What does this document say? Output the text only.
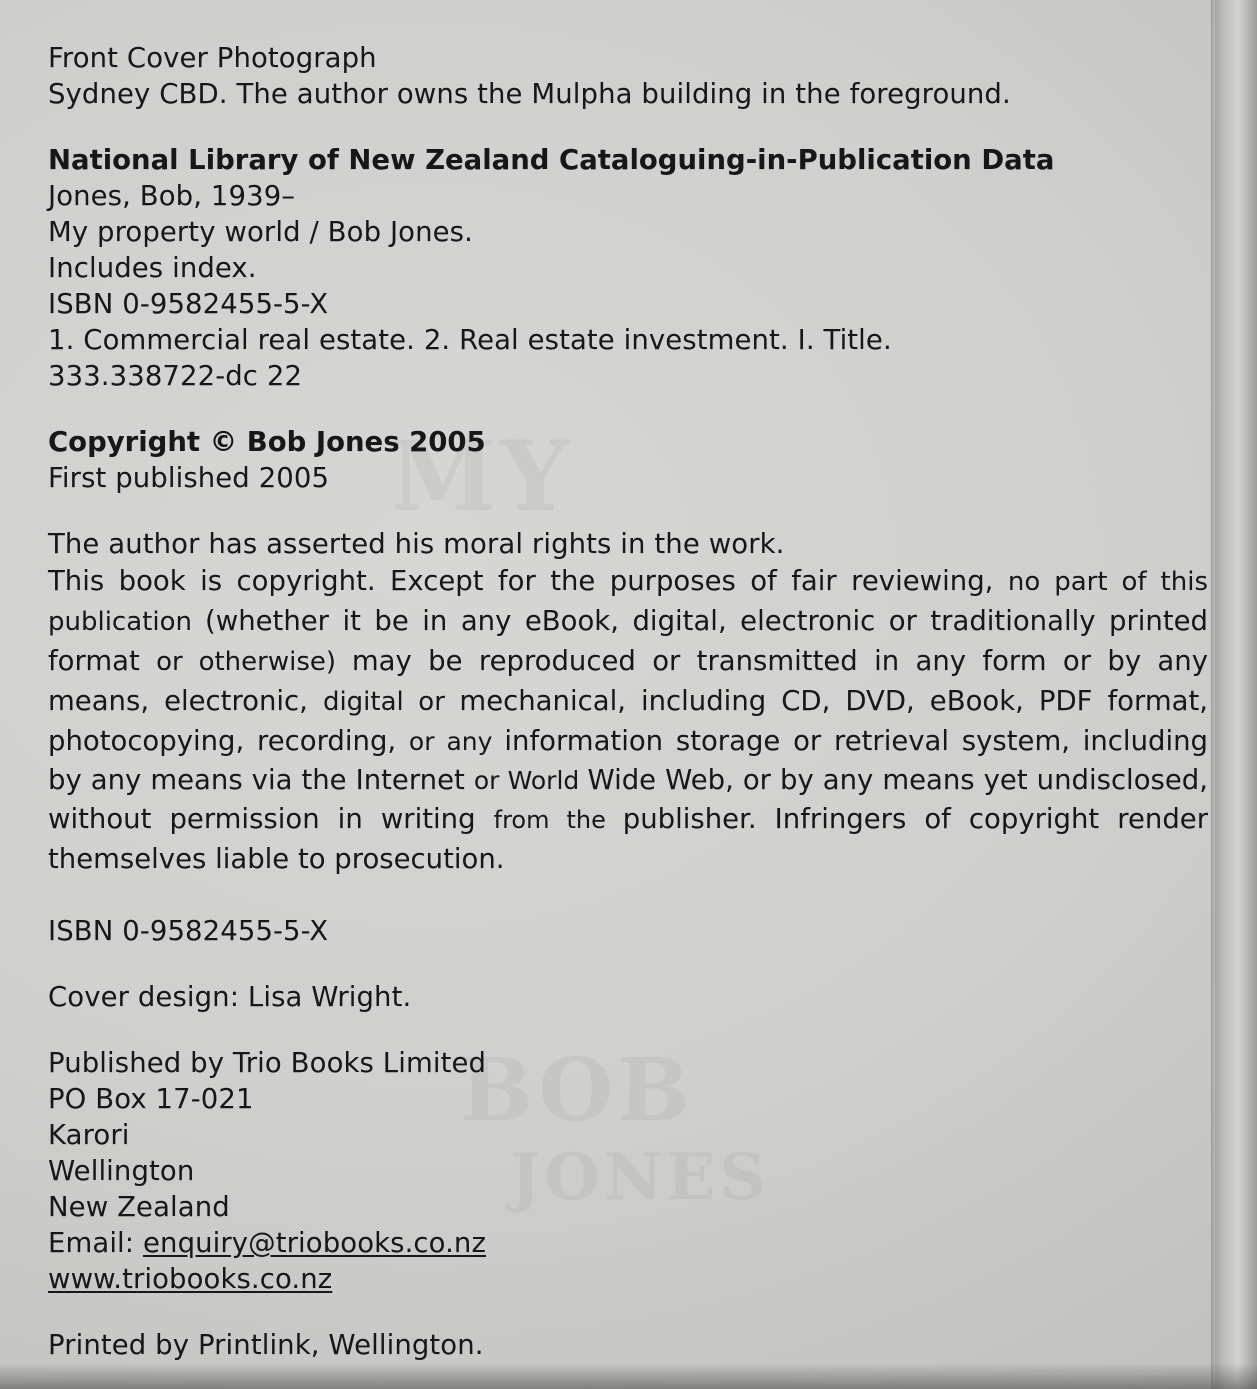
Front Cover Photograph
Sydney CBD. The author owns the Mulpha building in the foreground.
National Library of New Zealand Cataloguing-in-Publication Data
Jones, Bob, 1939–
My property world / Bob Jones.
Includes index.
ISBN 0-9582455-5-X
1. Commercial real estate. 2. Real estate investment. I. Title.
333.338722-dc 22
Copyright © Bob Jones 2005
First published 2005
The author has asserted his moral rights in the work.
This book is copyright. Except for the purposes of fair reviewing, no part of this publication (whether it be in any eBook, digital, electronic or traditionally printed format or otherwise) may be reproduced or transmitted in any form or by any means, electronic, digital or mechanical, including CD, DVD, eBook, PDF format, photocopying, recording, or any information storage or retrieval system, including by any means via the Internet or World Wide Web, or by any means yet undisclosed, without permission in writing from the publisher. Infringers of copyright render themselves liable to prosecution.
ISBN 0-9582455-5-X
Cover design: Lisa Wright.
Published by Trio Books Limited
PO Box 17-021
Karori
Wellington
New Zealand
Email: enquiry@triobooks.co.nz
www.triobooks.co.nz
Printed by Printlink, Wellington.
